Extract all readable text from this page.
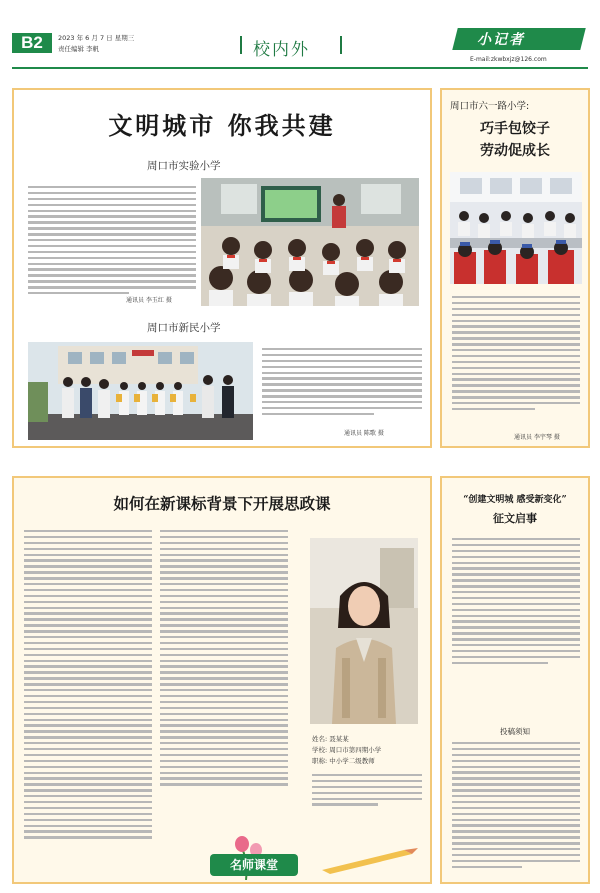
B2	2023 年 6 月 7 日 星期三
责任编辑 李帆	校内外	小记者
E-mail:zkwbxjz@126.com
文明城市 你我共建
周口市实验小学
通讯员 李玉红 摄
周口市新民小学
通讯员 陈歌 摄
周口市六一路小学:
巧手包饺子
劳动促成长
通讯员 李宇琴 摄
如何在新课标背景下开展思政课
姓名: 聂某某
学校: 周口市第四期小学
职称: 中小学二级教师
名师课堂
“创建文明城 感受新变化”
征文启事
投稿须知
